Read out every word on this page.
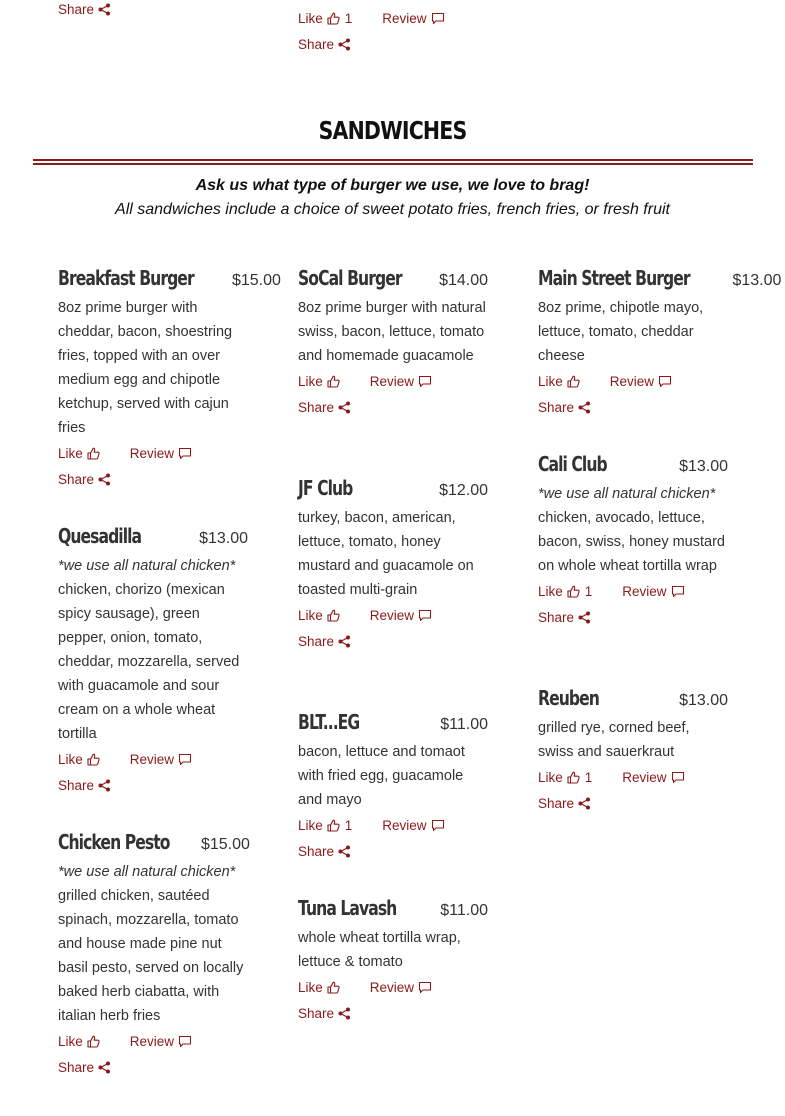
Share
Like 1 Review
Share
SANDWICHES
Ask us what type of burger we use, we love to brag!
All sandwiches include a choice of sweet potato fries, french fries, or fresh fruit
Breakfast Burger $15.00
8oz prime burger with cheddar, bacon, shoestring fries, topped with an over medium egg and chipotle ketchup, served with cajun fries
Like	Review
Share
SoCal Burger $14.00
8oz prime burger with natural swiss, bacon, lettuce, tomato and homemade guacamole
Like	Review
Share
Main Street Burger	$13.00
8oz prime, chipotle mayo, lettuce, tomato, cheddar cheese
Like	Review
Share
Cali Club	$13.00
*we use all natural chicken*
chicken, avocado, lettuce, bacon, swiss, honey mustard on whole wheat tortilla wrap
Like 1 Review
Share
JF Club	$12.00
turkey, bacon, american, lettuce, tomato, honey mustard and guacamole on toasted multi-grain
Like	Review
Share
Quesadilla	$13.00
*we use all natural chicken*
chicken, chorizo (mexican spicy sausage), green pepper, onion, tomato, cheddar, mozzarella, served with guacamole and sour cream on a whole wheat tortilla
Like	Review
Share
Reuben	$13.00
grilled rye, corned beef, swiss and sauerkraut
Like 1 Review
Share
BLT...EG	$11.00
bacon, lettuce and tomaot with fried egg, guacamole and mayo
Like 1 Review
Share
Chicken Pesto $15.00
*we use all natural chicken*
grilled chicken, sautéed spinach, mozzarella, tomato and house made pine nut basil pesto, served on locally baked herb ciabatta, with italian herb fries
Like	Review
Share
Tuna Lavash	$11.00
whole wheat tortilla wrap, lettuce & tomato
Like	Review
Share
